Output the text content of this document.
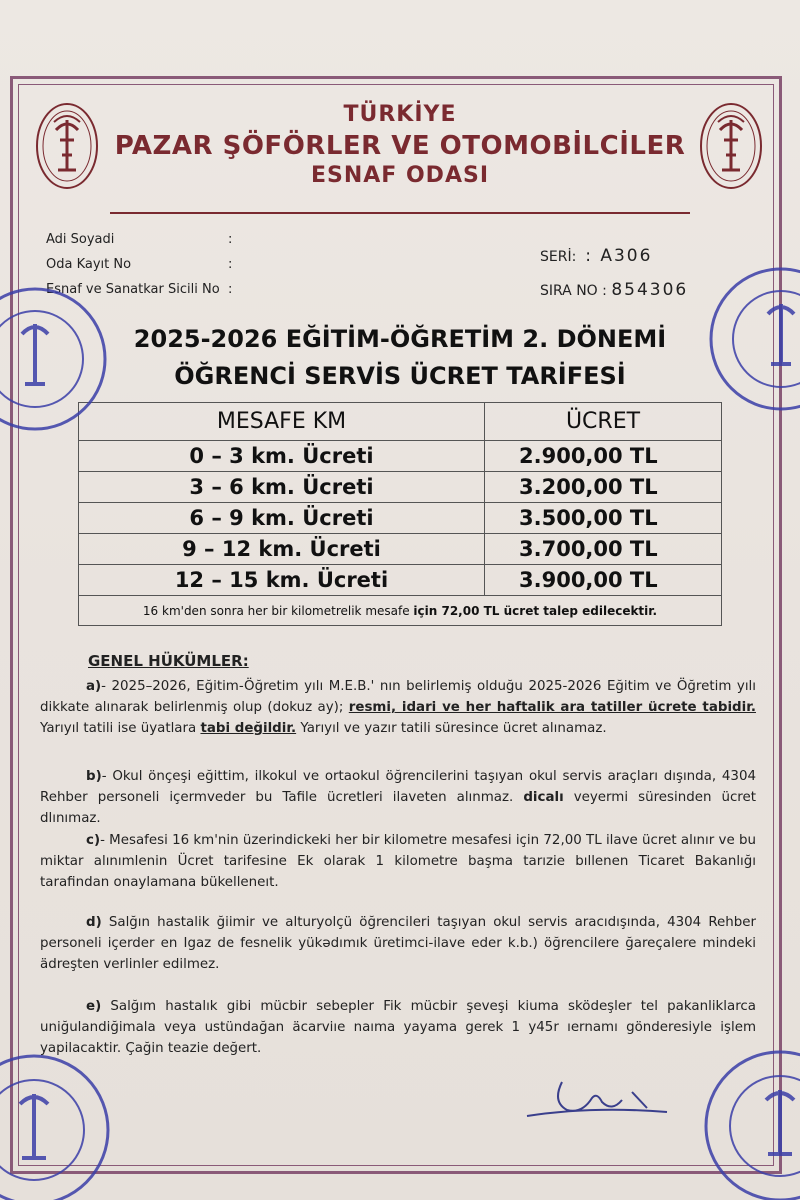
TÜRKİYE
PAZAR ŞÖFÖRLER VE OTOMOBİLCİLER
ESNAF ODASI
Adi Soyadi	:
Oda Kayıt No	:
Esnaf ve Sanatkar Sicili No :
SERİ: : A306
SIRA NO : 854306
2025-2026 EĞİTİM-ÖĞRETİM 2. DÖNEMİ
ÖĞRENCİ SERVİS ÜCRET TARİFESİ
MESAFE KM	ÜCRET
0 – 3 km. Ücreti	2.900,00 TL
3 – 6 km. Ücreti	3.200,00 TL
6 – 9 km. Ücreti	3.500,00 TL
9 – 12 km. Ücreti	3.700,00 TL
12 – 15 km. Ücreti	3.900,00 TL
16 km'den sonra her bir kilometrelik mesafe için 72,00 TL ücret talep edilecektir.	
GENEL HÜKÜMLER:
a)- 2025–2026, Eğitim-Öğretim yılı M.E.B.' nın belirlemiş olduğu 2025-2026 Eğitim ve Öğretim yılı dikkate alınarak belirlenmiş olup (dokuz ay); resmi, idari ve her haftalik ara tatiller ücrete tabidir. Yarıyıl tatili ise üyatlara tabi değildir. Yarıyıl ve yazır tatili süresince ücret alınamaz.
b)- Okul önçeşi eğittim, ilkokul ve ortaokul öğrencilerini taşıyan okul servis araçları dışında, 4304 Rehber personeli içermveder bu Tafile ücretleri ilaveten alınmaz. dicalı veyermi süresinden ücret dlınımaz.
c)- Mesafesi 16 km'nin üzerindickeki her bir kilometre mesafesi için 72,00 TL ilave ücret alınır ve bu miktar alınımlenin Ücret tarifesine Ek olarak 1 kilometre başma tarızie bıllenen Ticaret Bakanlığı tarafindan onaylamana bükelleneıt.
d) Salğın hastalik ğiimir ve alturyolçü öğrencileri taşıyan okul servis aracıdışında, 4304 Rehber personeli içerder en Igaz de fesnelik yükədımık üretimci-ilave eder k.b.) öğrencilere ğareçalere mindeki ädreşten verlinler edilmez.
e) Salğım hastalık gibi mücbir sebepler Fik mücbir şeveşi kiuma sködeşler tel pakanliklarca uniğulandiğimala veya ustündağan äcarviıe naıma yayama gerek 1 y45r ıernamı gönderesiyle işlem yapilacaktir. Çağin teazie değert.
